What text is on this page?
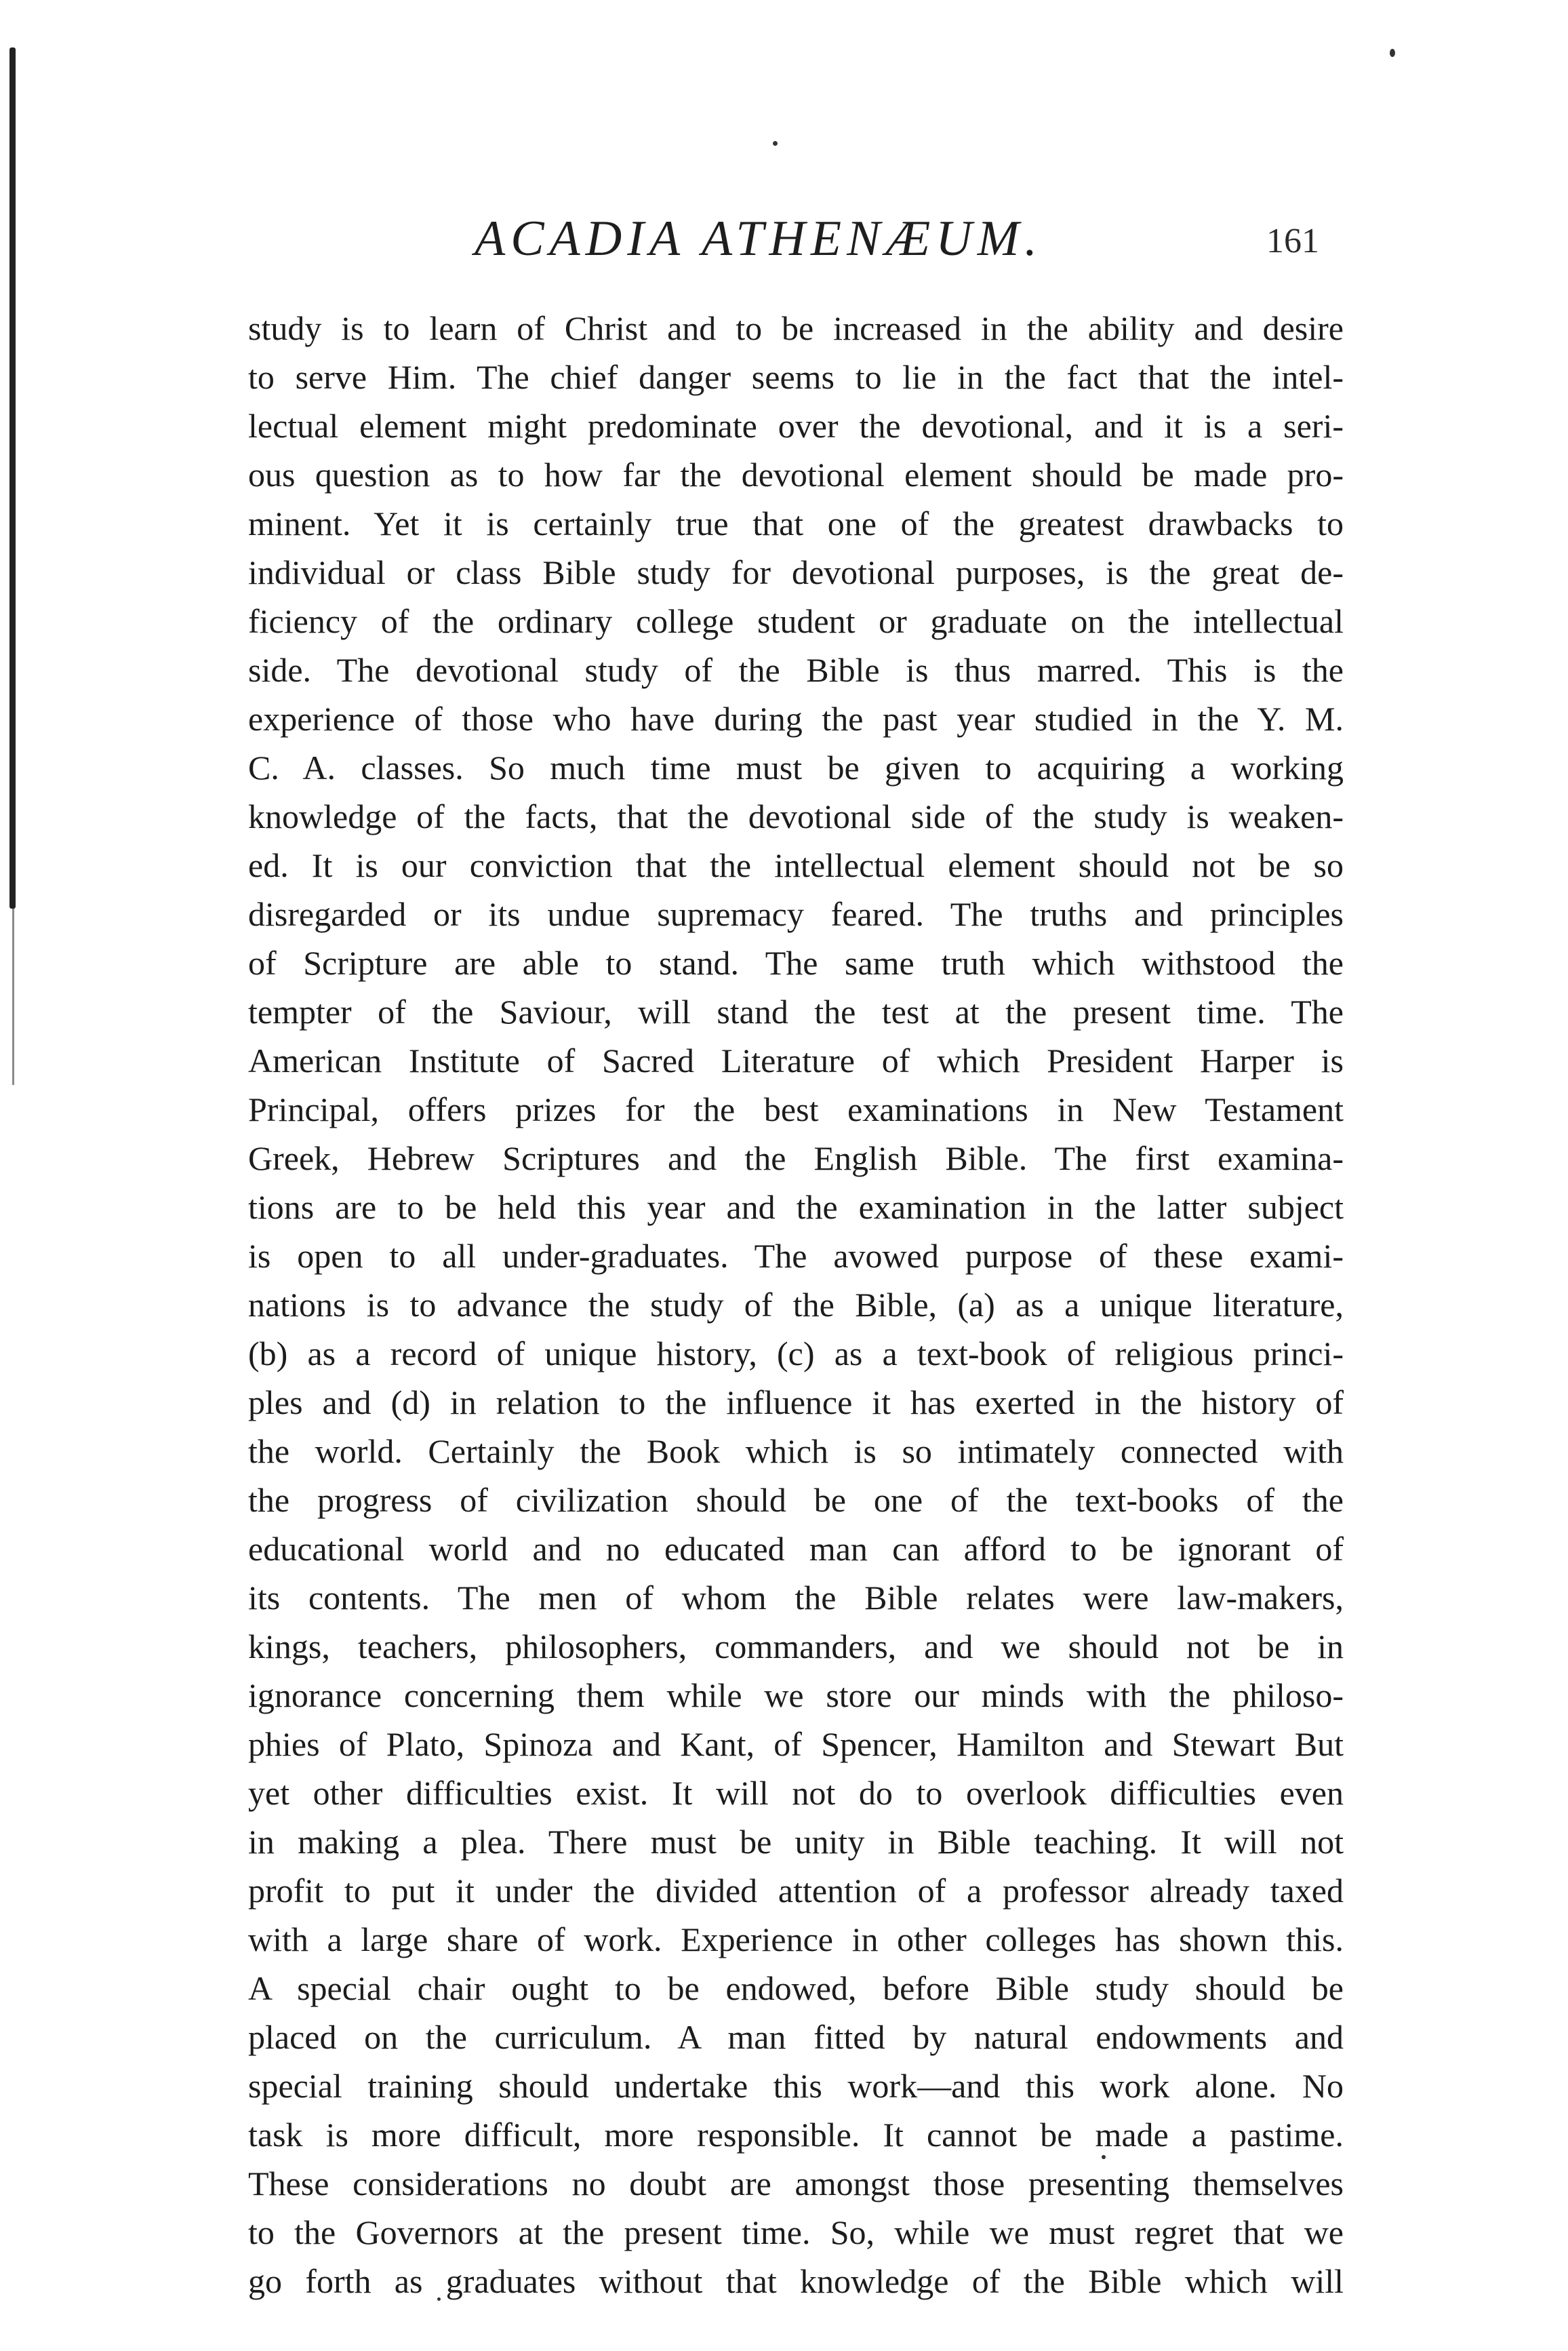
ACADIA ATHENÆUM.	161
study is to learn of Christ and to be increased in the ability and desire
to serve Him. The chief danger seems to lie in the fact that the intel-
lectual element might predominate over the devotional, and it is a seri-
ous question as to how far the devotional element should be made pro-
minent. Yet it is certainly true that one of the greatest drawbacks to
individual or class Bible study for devotional purposes, is the great de-
ficiency of the ordinary college student or graduate on the intellectual
side. The devotional study of the Bible is thus marred. This is the
experience of those who have during the past year studied in the Y. M.
C. A. classes. So much time must be given to acquiring a working
knowledge of the facts, that the devotional side of the study is weaken-
ed. It is our conviction that the intellectual element should not be so
disregarded or its undue supremacy feared. The truths and principles
of Scripture are able to stand. The same truth which withstood the
tempter of the Saviour, will stand the test at the present time. The
American Institute of Sacred Literature of which President Harper is
Principal, offers prizes for the best examinations in New Testament
Greek, Hebrew Scriptures and the English Bible. The first examina-
tions are to be held this year and the examination in the latter subject
is open to all under-graduates. The avowed purpose of these exami-
nations is to advance the study of the Bible, (a) as a unique literature,
(b) as a record of unique history, (c) as a text-book of religious princi-
ples and (d) in relation to the influence it has exerted in the history of
the world. Certainly the Book which is so intimately connected with
the progress of civilization should be one of the text-books of the
educational world and no educated man can afford to be ignorant of
its contents. The men of whom the Bible relates were law-makers,
kings, teachers, philosophers, commanders, and we should not be in
ignorance concerning them while we store our minds with the philoso-
phies of Plato, Spinoza and Kant, of Spencer, Hamilton and Stewart But
yet other difficulties exist. It will not do to overlook difficulties even
in making a plea. There must be unity in Bible teaching. It will not
profit to put it under the divided attention of a professor already taxed
with a large share of work. Experience in other colleges has shown this.
A special chair ought to be endowed, before Bible study should be
placed on the curriculum. A man fitted by natural endowments and
special training should undertake this work—and this work alone. No
task is more difficult, more responsible. It cannot be made a pastime.
These considerations no doubt are amongst those presenting themselves
to the Governors at the present time. So, while we must regret that we
go forth as graduates without that knowledge of the Bible which will
